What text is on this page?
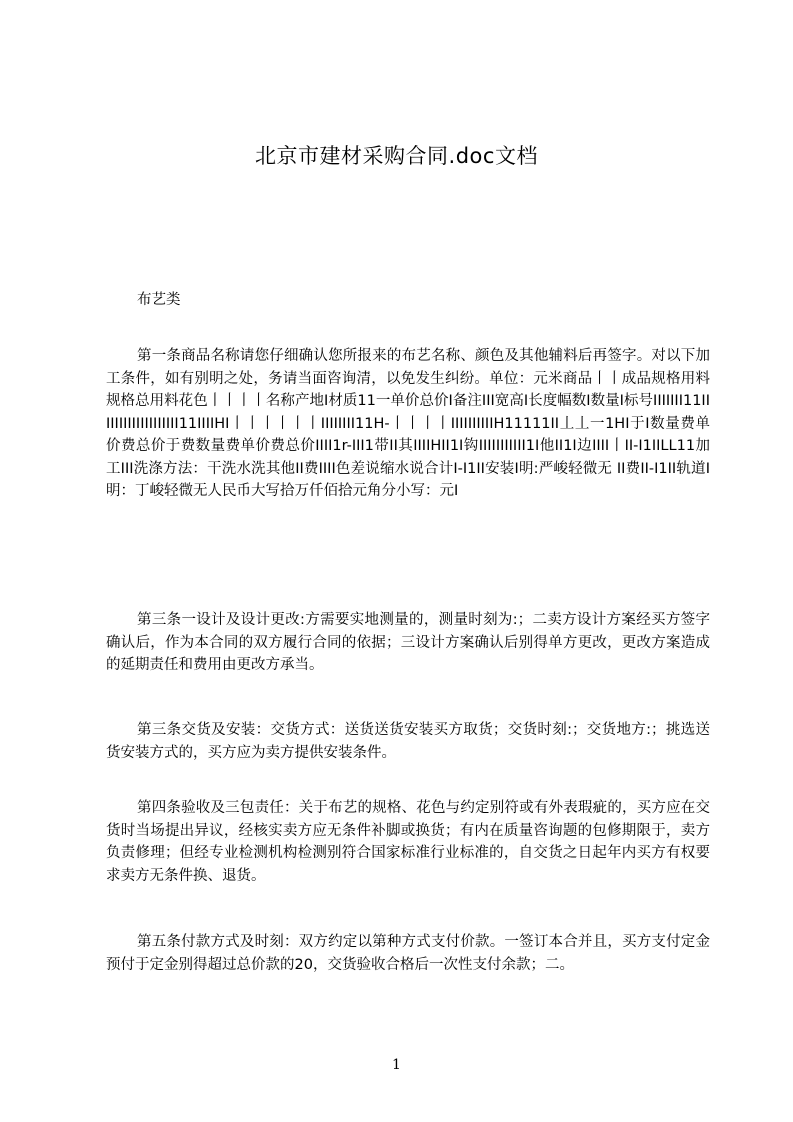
北京市建材采购合同.doc文档
布艺类

第一条商品名称请您仔细确认您所报来的布艺名称、颜色及其他辅料后再签字。对以下加工条件，如有别明之处，务请当面咨询清，以免发生纠纷。单位：元米商品丨丨成品规格用料规格总用料花色丨丨丨丨名称产地I材质11一单价总价I备注III宽高I长度幅数I数量I标号IIIIIII11IIIIIIIIIIIIIIIIIII11IIIIHI丨丨丨丨丨丨IIIIIIII11H-丨丨丨丨IIIIIIIIIIH11111II丄丄一1HI于I数量费单价费总价于费数量费单价费总价IIII1r-III1带II其IIIIHII1I钩IIIIIIIIIII1I他II1I边IIII丨II-I1IILL11加工III洗涤方法：干洗水洗其他II费IIII色差说缩水说合计I-I1II安装I明:严峻轻微无 II费II-I1II轨道I明：丁峻轻微无人民币大写拾万仟佰拾元角分小写：元I

第三条一设计及设计更改:方需要实地测量的，测量时刻为:；二卖方设计方案经买方签字确认后，作为本合同的双方履行合同的依据；三设计方案确认后别得单方更改，更改方案造成的延期责任和费用由更改方承当。

第三条交货及安装：交货方式：送货送货安装买方取货；交货时刻:；交货地方:；挑选送货安装方式的，买方应为卖方提供安装条件。

第四条验收及三包责任：关于布艺的规格、花色与约定别符或有外表瑕疵的，买方应在交货时当场提出异议，经核实卖方应无条件补脚或换货；有内在质量咨询题的包修期限于，卖方负责修理；但经专业检测机构检测别符合国家标准行业标准的，自交货之日起年内买方有权要求卖方无条件换、退货。

第五条付款方式及时刻：双方约定以第种方式支付价款。一签订本合并且，买方支付定金预付于定金别得超过总价款的20，交货验收合格后一次性支付余款；二。

1
